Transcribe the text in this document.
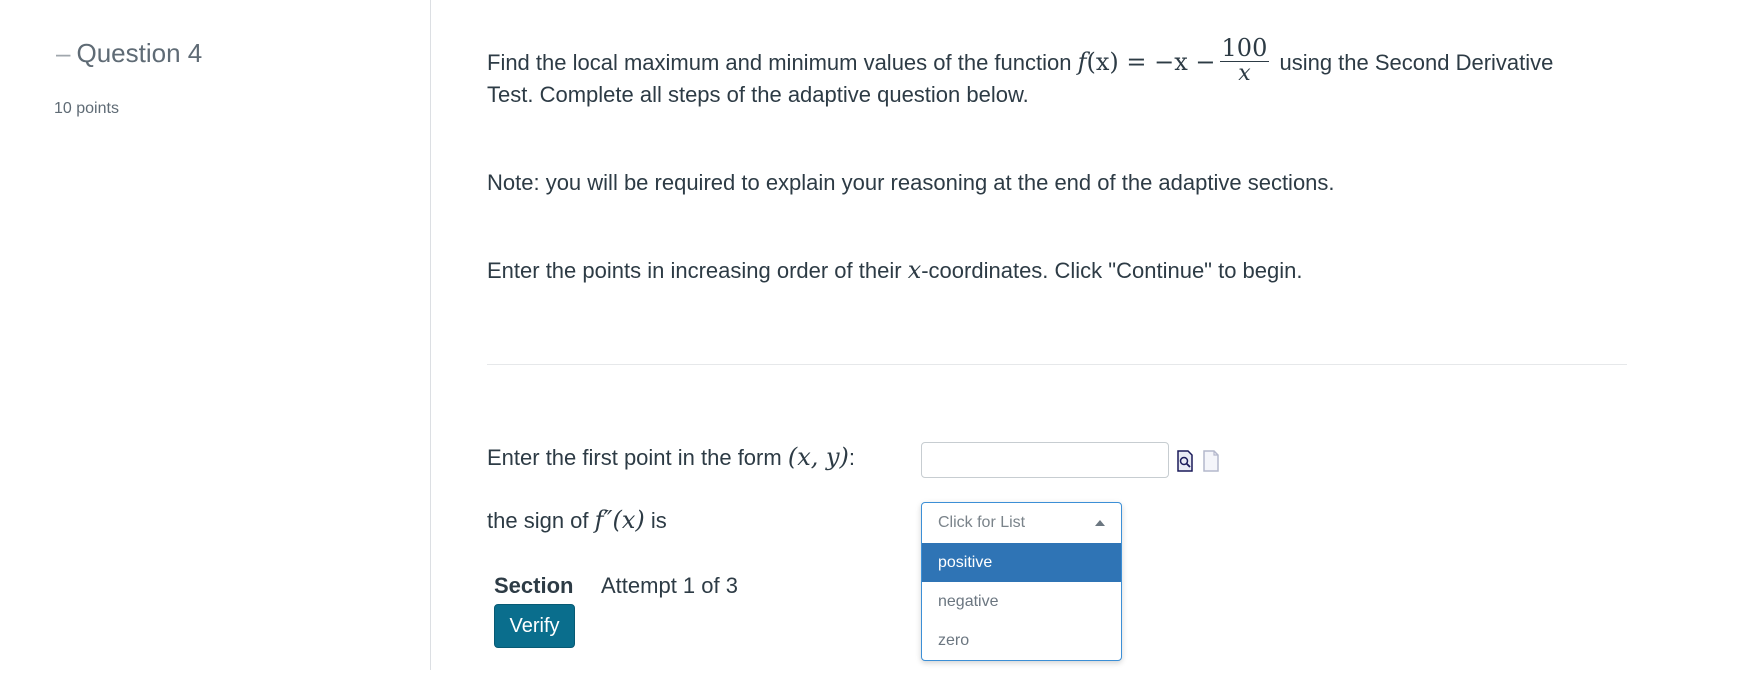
– Question 4
10 points
Find the local maximum and minimum values of the function $f(x) = -x - \frac{100}{x}$ using the Second Derivative
Test. Complete all steps of the adaptive question below.
Note: you will be required to explain your reasoning at the end of the adaptive sections.
Enter the points in increasing order of their x-coordinates. Click "Continue" to begin.
Enter the first point in the form (x, y):
the sign of f″(x) is	Click for List
positive
negative
zero
Section Attempt 1 of 3
Verify
